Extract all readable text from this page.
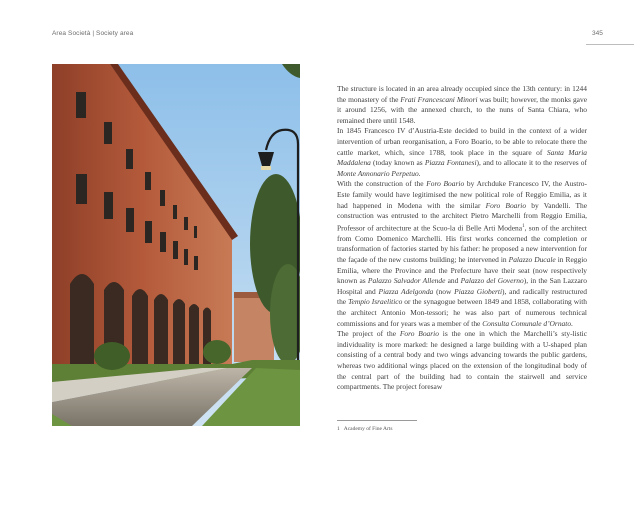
Area Società | Society area	345

The structure is located in an area already occupied since the 13th century: in 1244 the monastery of the Frati Francescani Minori was built; however, the monks gave it around 1256, with the annexed church, to the nuns of Santa Chiara, who remained there until 1548.

In 1845 Francesco IV d’Austria-Este decided to build in the context of a wider intervention of urban reorganisation, a Foro Boario, to be able to relocate there the cattle market, which, since 1788, took place in the square of Santa Maria Maddalena (today known as Piazza Fontanesi), and to allocate it to the reserves of Monte Annonario Perpetuo.

With the construction of the Foro Boario by Archduke Francesco IV, the Austro-Este family would have legitimised the new political role of Reggio Emilia, as it had happened in Modena with the similar Foro Boario by Vandelli. The construction was entrusted to the architect Pietro Marchelli from Reggio Emilia, Professor of architecture at the Scuo-la di Belle Arti Modena$^1$, son of the architect from Como Domenico Marchelli. His first works concerned the completion or transformation of factories started by his father: he proposed a new intervention for the façade of the new customs building; he intervened in Palazzo Ducale in Reggio Emilia, where the Province and the Prefecture have their seat (now respectively known as Palazzo Salvador Allende and Palazzo del Governo), in the San Lazzaro Hospital and Piazza Adelgonda (now Piazza Gioberti), and radically restructured the Tempio Israelitico or the synagogue between 1849 and 1858, collaborating with the architect Antonio Mon-tessori; he was also part of numerous technical commissions and for years was a member of the Consulta Comunale d’Ornato.

The project of the Foro Boario is the one in which the Marchelli’s sty-listic individuality is more marked: he designed a large building with a U-shaped plan consisting of a central body and two wings advancing towards the public gardens, whereas two additional wings placed on the extension of the longitudinal body of the central part of the building had to contain the stairwell and service compartments. The project foresaw

1 Academy of Fine Arts
